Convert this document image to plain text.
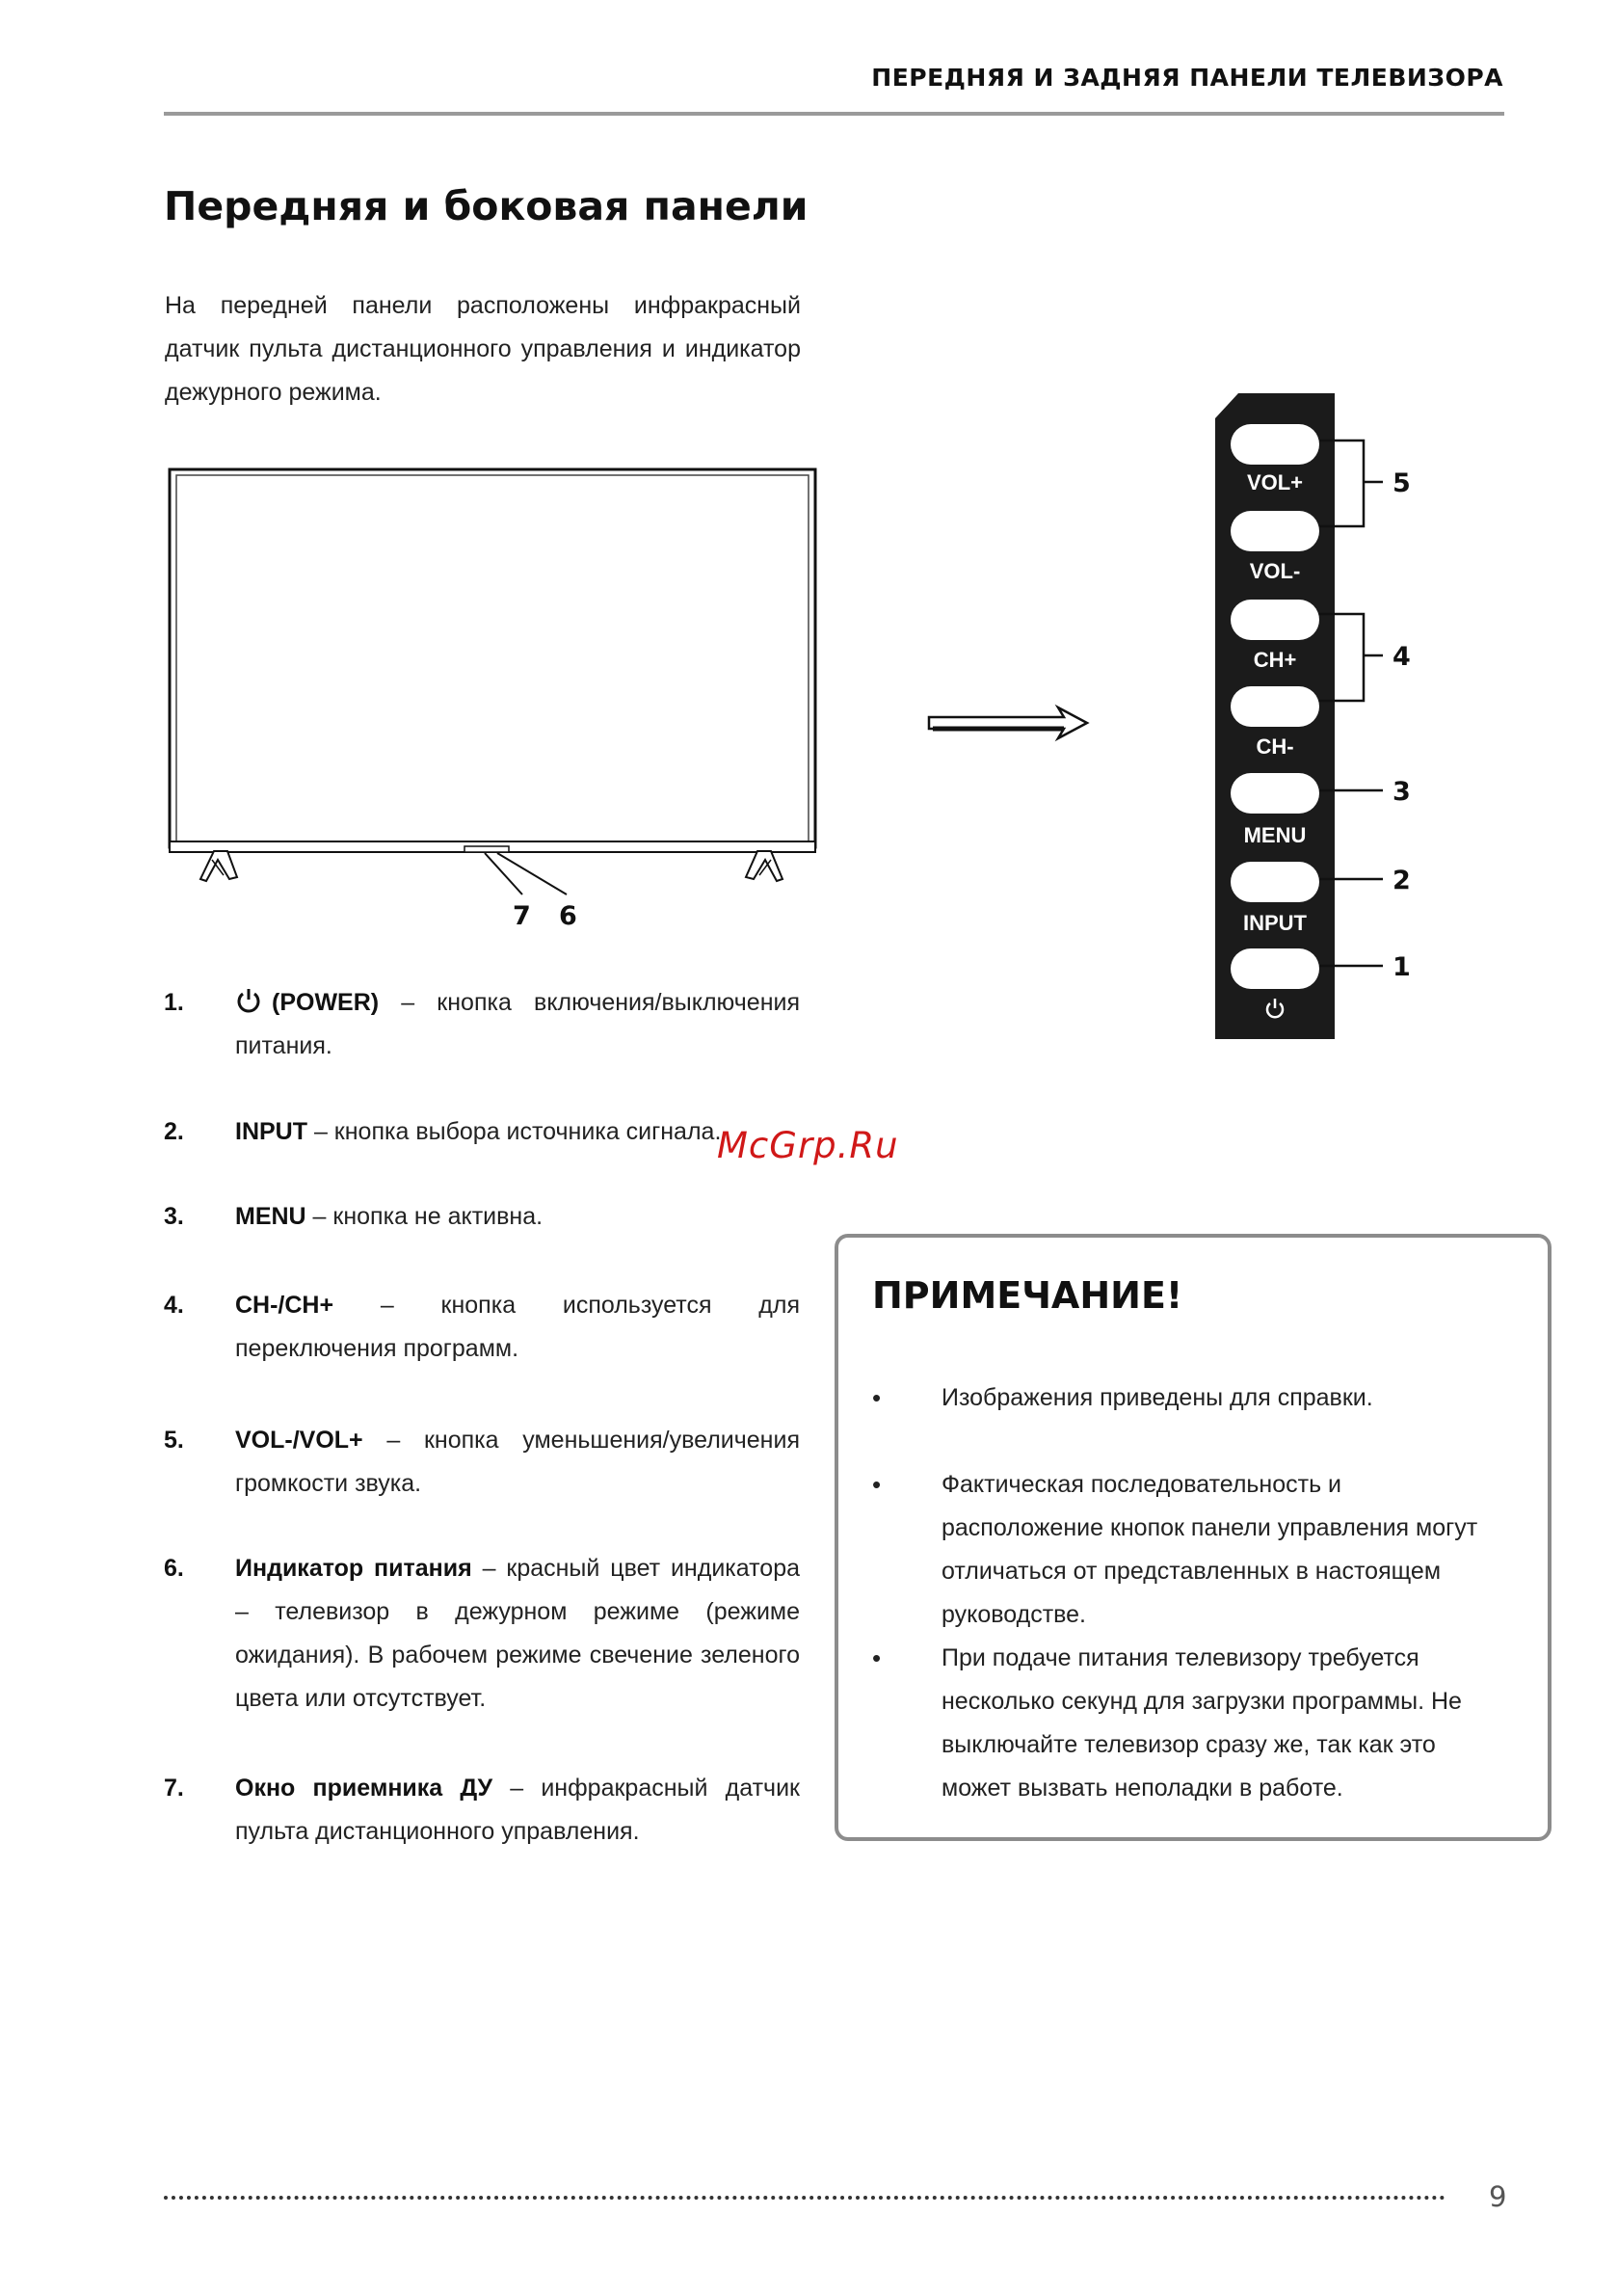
ПЕРЕДНЯЯ И ЗАДНЯЯ ПАНЕЛИ ТЕЛЕВИЗОРА
Передняя и боковая панели
На передней панели расположены инфракрасный датчик пульта дистанционного управления и индикатор дежурного режима.
7 6
VOL+
VOL-
CH+
CH-
MENU
INPUT
5
4
3
2
1
1.	(POWER) – кнопка включения/выключения питания.
2. INPUT – кнопка выбора источника сигнала.
3. MENU – кнопка не активна.
4. CH-/CH+ – кнопка используется для переключения программ.
5. VOL-/VOL+ – кнопка уменьшения/увеличения громкости звука.
6. Индикатор питания – красный цвет индикатора – телевизор в дежурном режиме (режиме ожидания). В рабочем режиме свечение зеленого цвета или отсутствует.
7. Окно приемника ДУ – инфракрасный датчик пульта дистанционного управления.
McGrp.Ru
ПРИМЕЧАНИЕ!
•	Изображения приведены для справки.
•	Фактическая последовательность и расположение кнопок панели управления могут отличаться от представленных в настоящем руководстве.
•	При подаче питания телевизору требуется несколько секунд для загрузки программы. Не выключайте телевизор сразу же, так как это может вызвать неполадки в работе.
9
